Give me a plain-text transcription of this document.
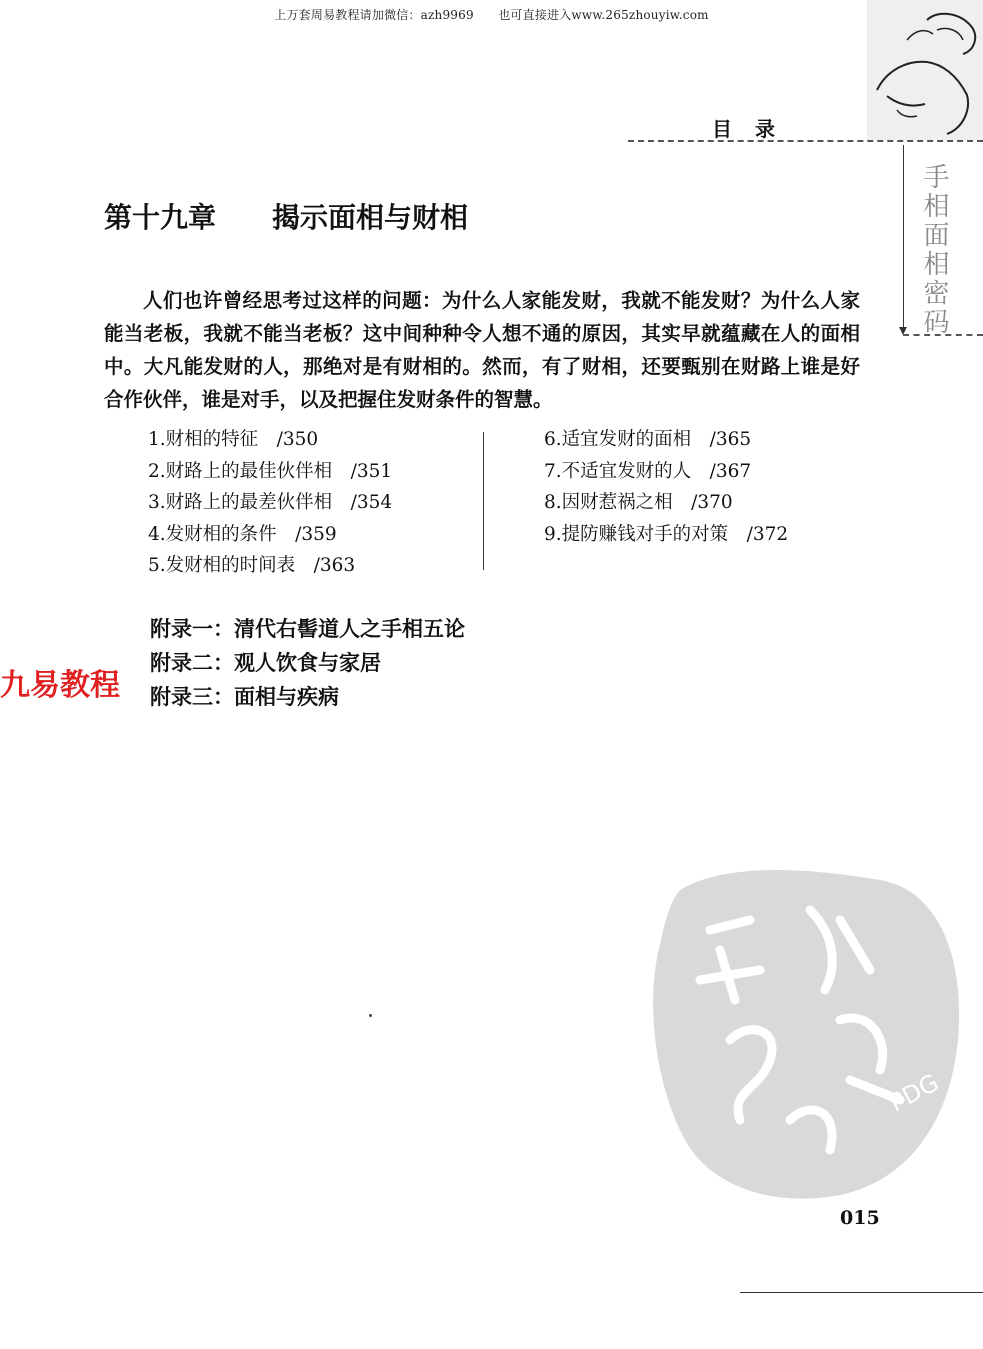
上万套周易教程请加微信：azh9969　　也可直接进入www.265zhouyiw.com
目 录
手相面相密码
第十九章　　揭示面相与财相

人们也许曾经思考过这样的问题：为什么人家能发财，我就不能发财？为什么人家能当老板，我就不能当老板？这中间种种令人想不通的原因，其实早就蕴藏在人的面相中。大凡能发财的人，那绝对是有财相的。然而，有了财相，还要甄别在财路上谁是好合作伙伴，谁是对手，以及把握住发财条件的智慧。

1.财相的特征　/350
2.财路上的最佳伙伴相　/351
3.财路上的最差伙伴相　/354
4.发财相的条件　/359
5.发财相的时间表　/363
6.适宜发财的面相　/365
7.不适宜发财的人　/367
8.因财惹祸之相　/370
9.提防赚钱对手的对策　/372
附录一：清代右髻道人之手相五论
附录二：观人饮食与家居
附录三：面相与疾病
九易教程
PDG
015
